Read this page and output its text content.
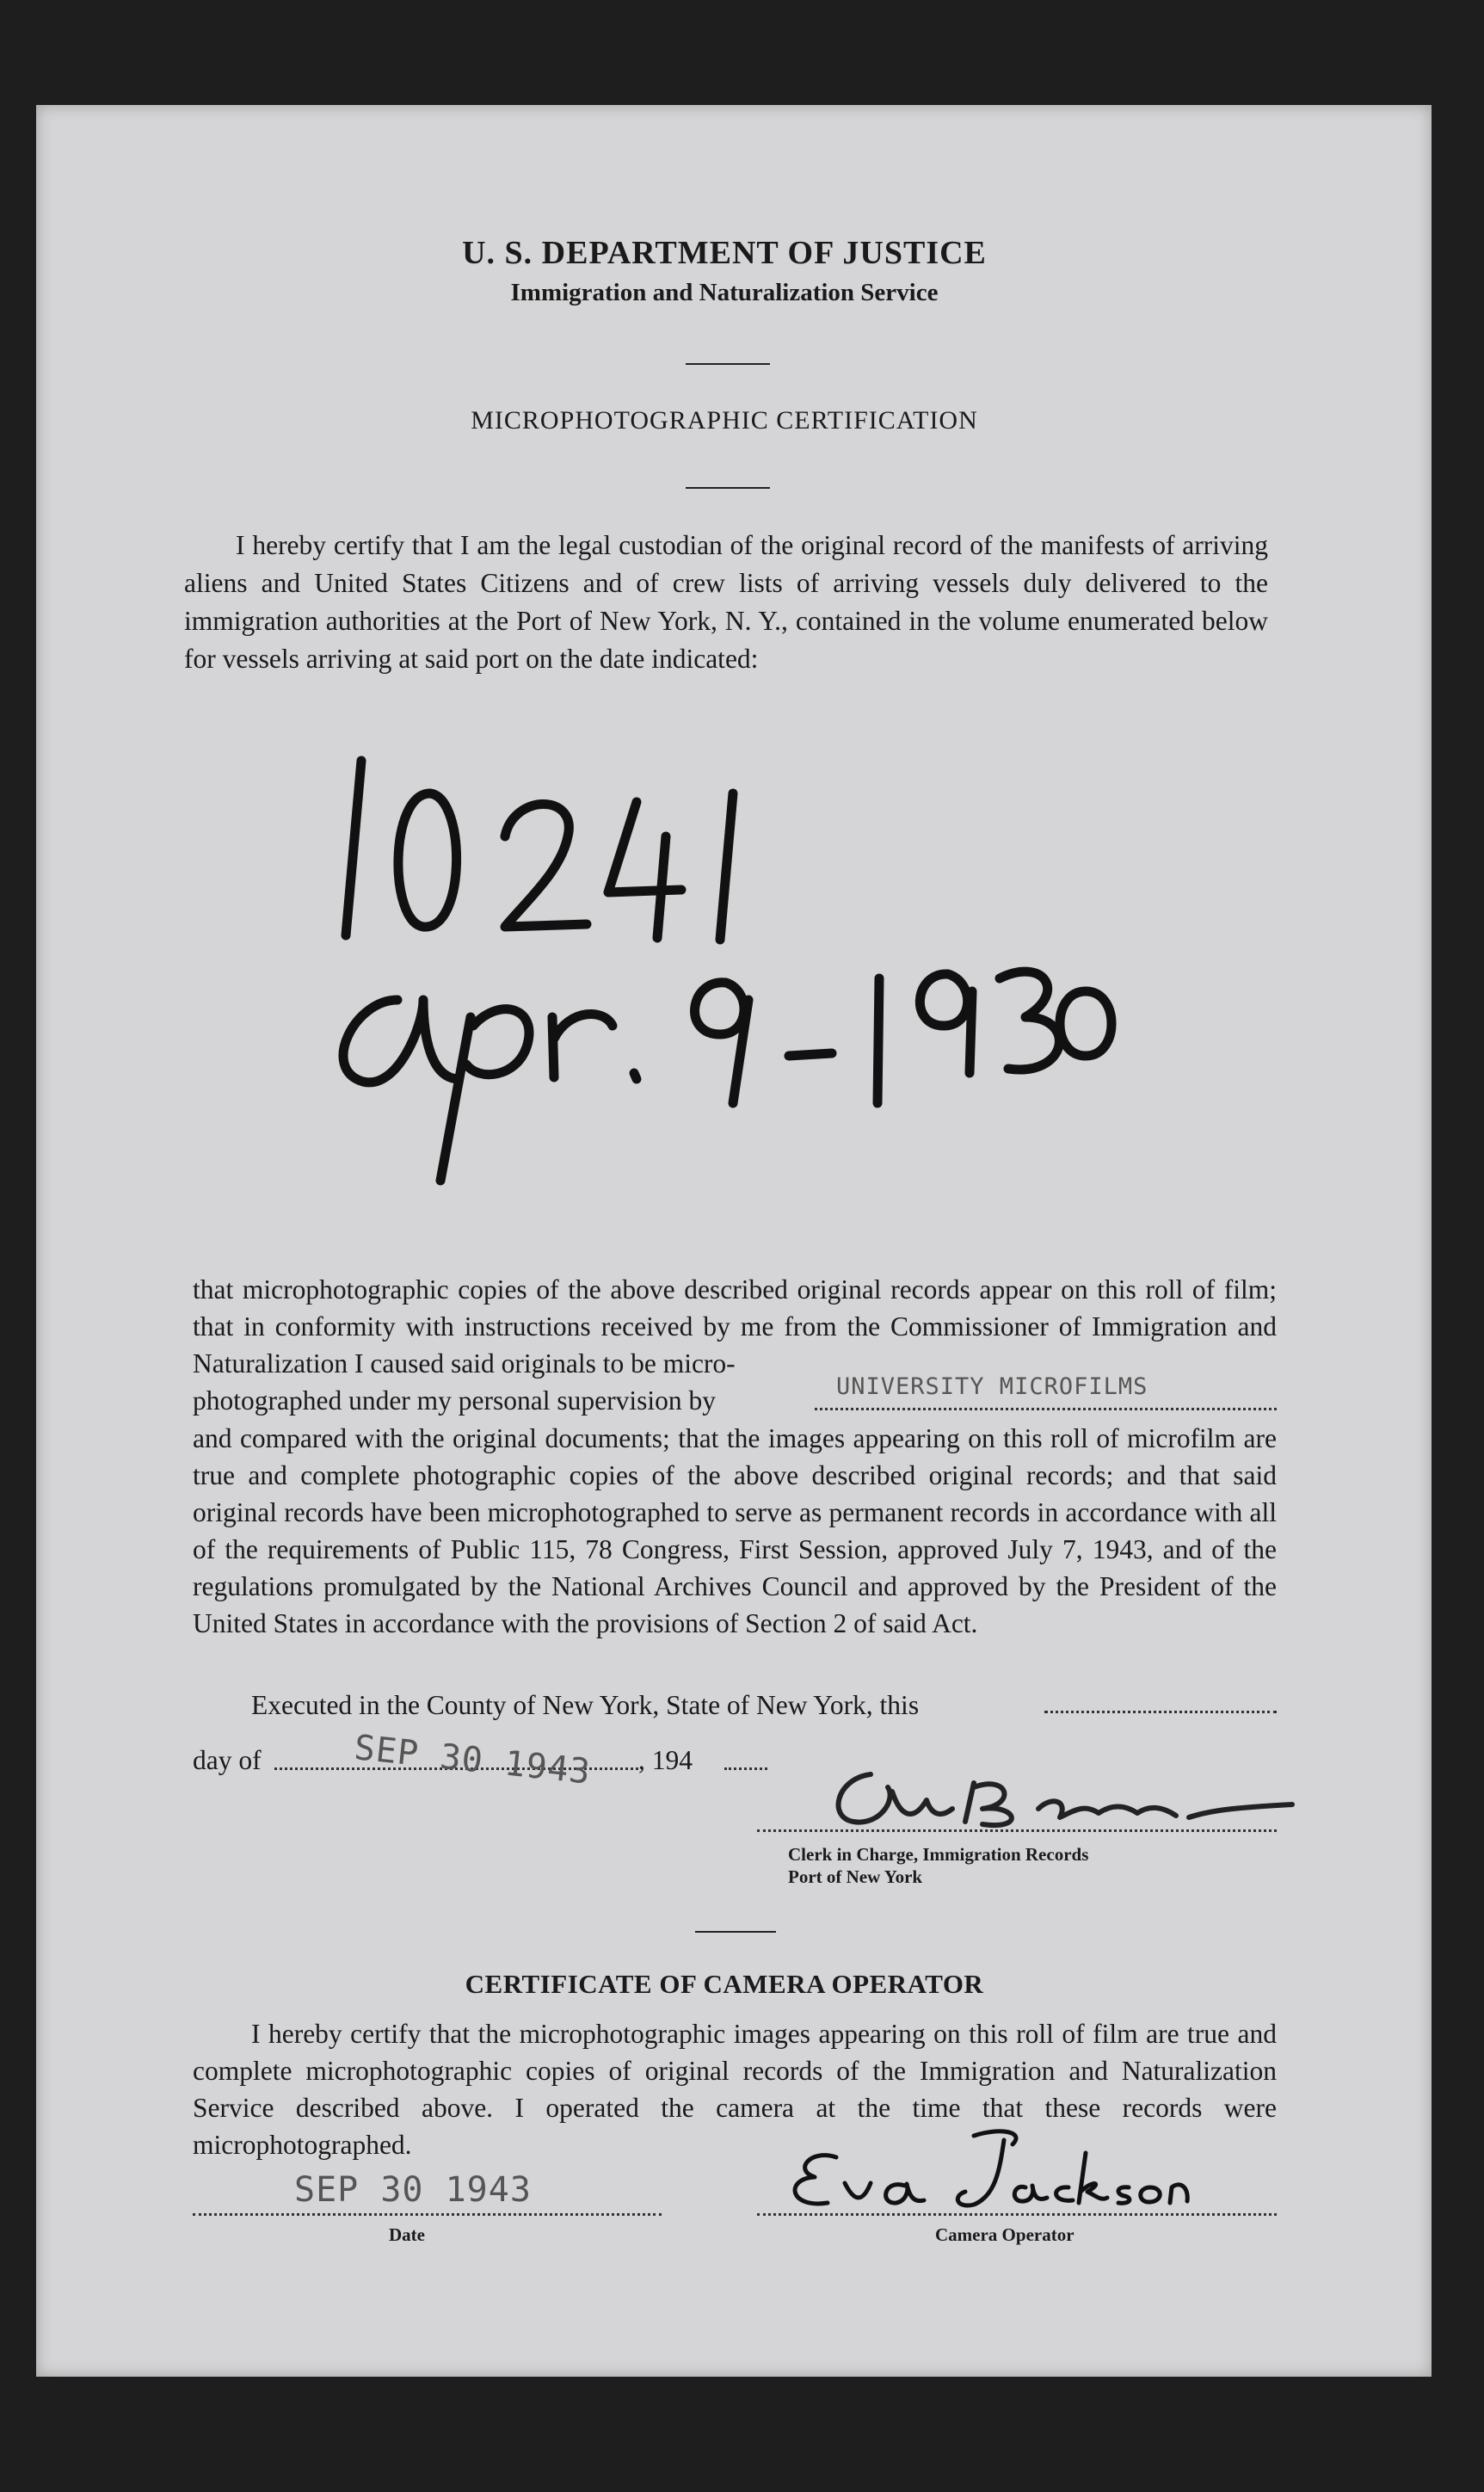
U. S. DEPARTMENT OF JUSTICE
Immigration and Naturalization Service
MICROPHOTOGRAPHIC CERTIFICATION
I hereby certify that I am the legal custodian of the original record of the manifests of arriving aliens and United States Citizens and of crew lists of arriving vessels duly delivered to the immigration authorities at the Port of New York, N. Y., contained in the volume enumerated below for vessels arriving at said port on the date indicated:
that microphotographic copies of the above described original records appear on this roll of film; that in conformity with instructions received by me from the Commissioner of Immigration and Naturalization I caused said originals to be micro-
photographed under my personal supervision by	UNIVERSITY MICROFILMS
and compared with the original documents; that the images appearing on this roll of microfilm are true and complete photographic copies of the above described original records; and that said original records have been microphotographed to serve as permanent records in accordance with all of the requirements of Public 115, 78 Congress, First Session, approved July 7, 1943, and of the regulations promulgated by the National Archives Council and approved by the President of the United States in accordance with the provisions of Section 2 of said Act.
Executed in the County of New York, State of New York, this
day of	SEP 30 1943 , 194
Clerk in Charge, Immigration Records
Port of New York
CERTIFICATE OF CAMERA OPERATOR
I hereby certify that the microphotographic images appearing on this roll of film are true and complete microphotographic copies of original records of the Immigration and Naturalization Service described above. I operated the camera at the time that these records were microphotographed.
SEP 30 1943
Date	Camera Operator
